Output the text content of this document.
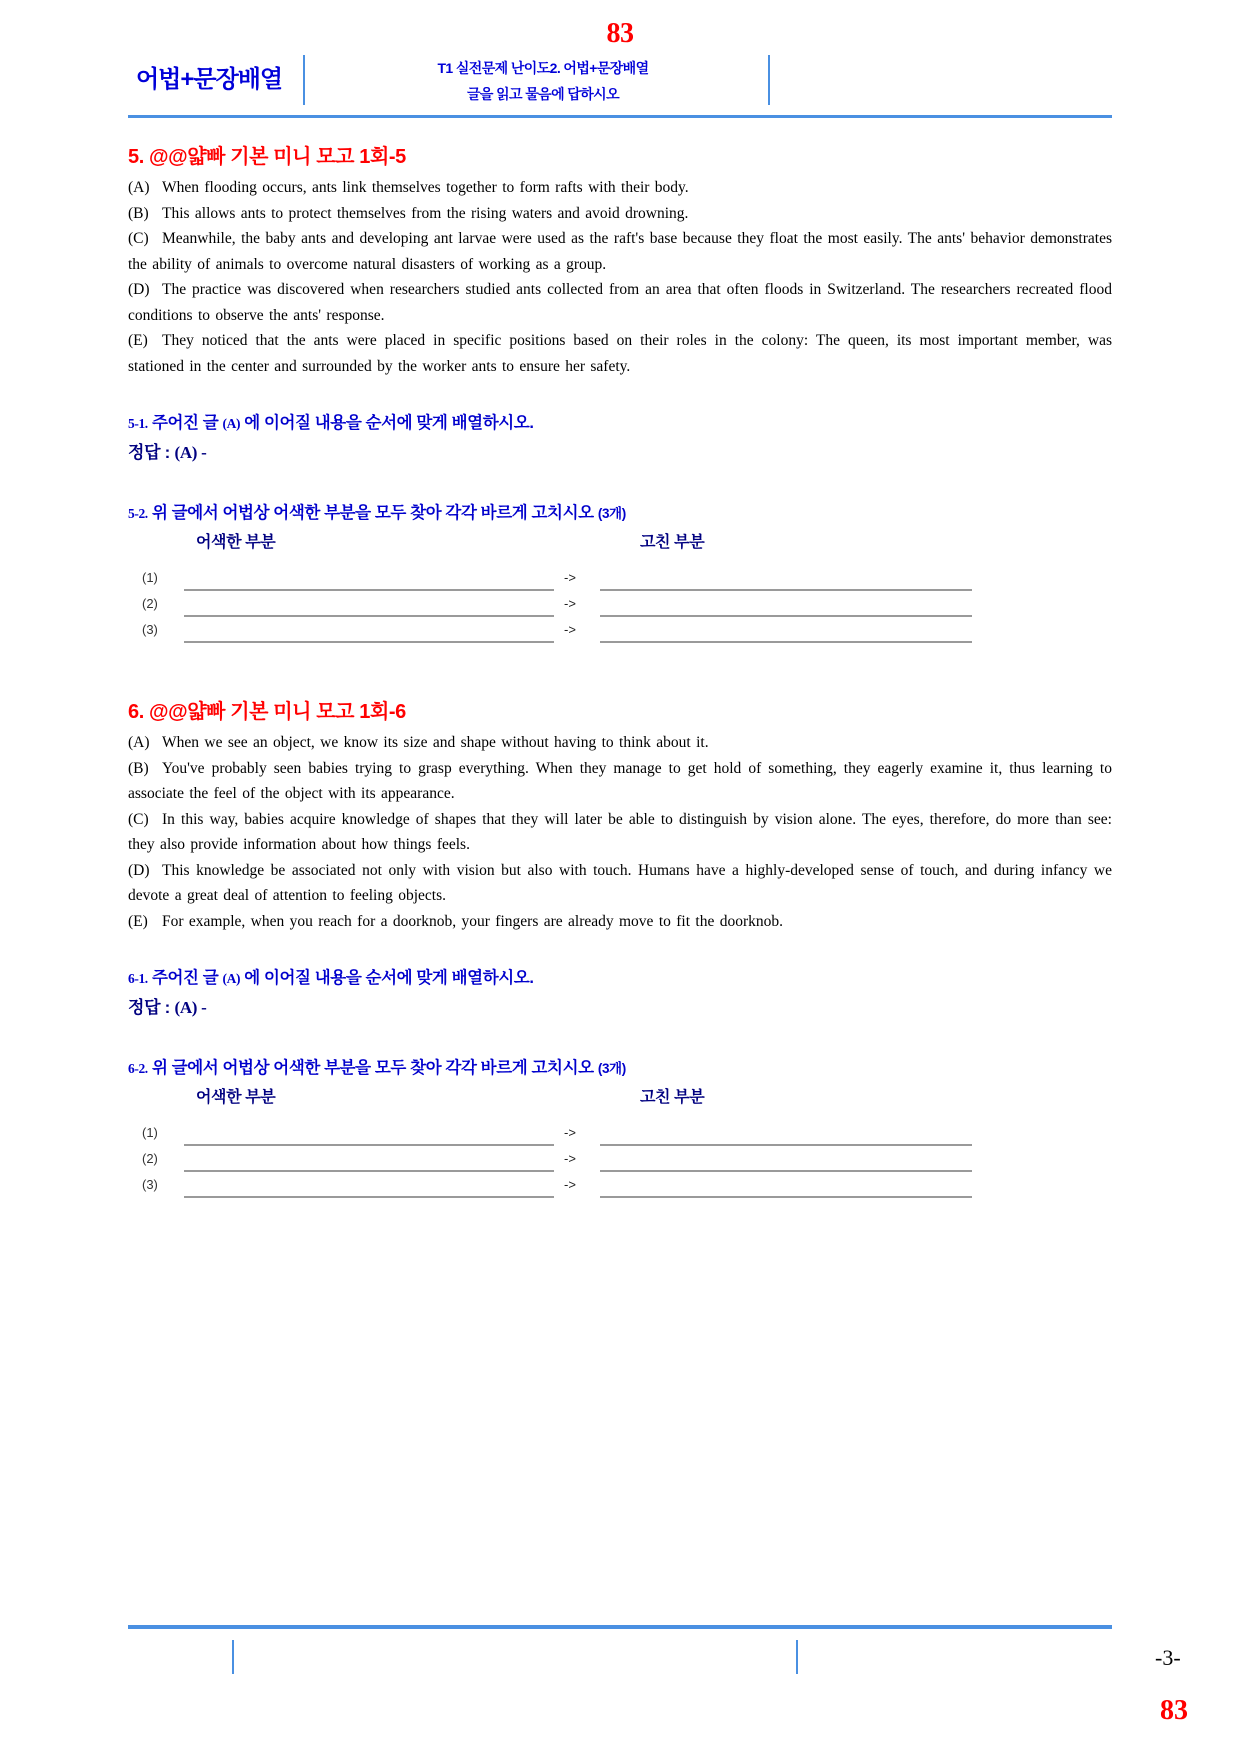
83
어법+문장배열	T1 실전문제 난이도2. 어법+문장배열
글을 읽고 물음에 답하시오
5. @@얇빠 기본 미니 모고 1회-5

(A) When flooding occurs, ants link themselves together to form rafts with their body.

(B) This allows ants to protect themselves from the rising waters and avoid drowning.

(C) Meanwhile, the baby ants and developing ant larvae were used as the raft's base because they float the most easily. The ants' behavior demonstrates the ability of animals to overcome natural disasters of working as a group.

(D) The practice was discovered when researchers studied ants collected from an area that often floods in Switzerland. The researchers recreated flood conditions to observe the ants' response.

(E) They noticed that the ants were placed in specific positions based on their roles in the colony: The queen, its most important member, was stationed in the center and surrounded by the worker ants to ensure her safety.

5-1. 주어진 글 (A) 에 이어질 내용을 순서에 맞게 배열하시오.
정답 : (A) -
5-2. 위 글에서 어법상 어색한 부분을 모두 찾아 각각 바르게 고치시오 (3개)
어색한 부분	고친 부분
(1)	->
(2)	->
(3)	->
6. @@얇빠 기본 미니 모고 1회-6

(A) When we see an object, we know its size and shape without having to think about it.

(B) You've probably seen babies trying to grasp everything. When they manage to get hold of something, they eagerly examine it, thus learning to associate the feel of the object with its appearance.

(C) In this way, babies acquire knowledge of shapes that they will later be able to distinguish by vision alone. The eyes, therefore, do more than see: they also provide information about how things feels.

(D) This knowledge be associated not only with vision but also with touch. Humans have a highly-developed sense of touch, and during infancy we devote a great deal of attention to feeling objects.

(E) For example, when you reach for a doorknob, your fingers are already move to fit the doorknob.

6-1. 주어진 글 (A) 에 이어질 내용을 순서에 맞게 배열하시오.
정답 : (A) -
6-2. 위 글에서 어법상 어색한 부분을 모두 찾아 각각 바르게 고치시오 (3개)
어색한 부분	고친 부분
(1)	->
(2)	->
(3)	->
-3-
83
